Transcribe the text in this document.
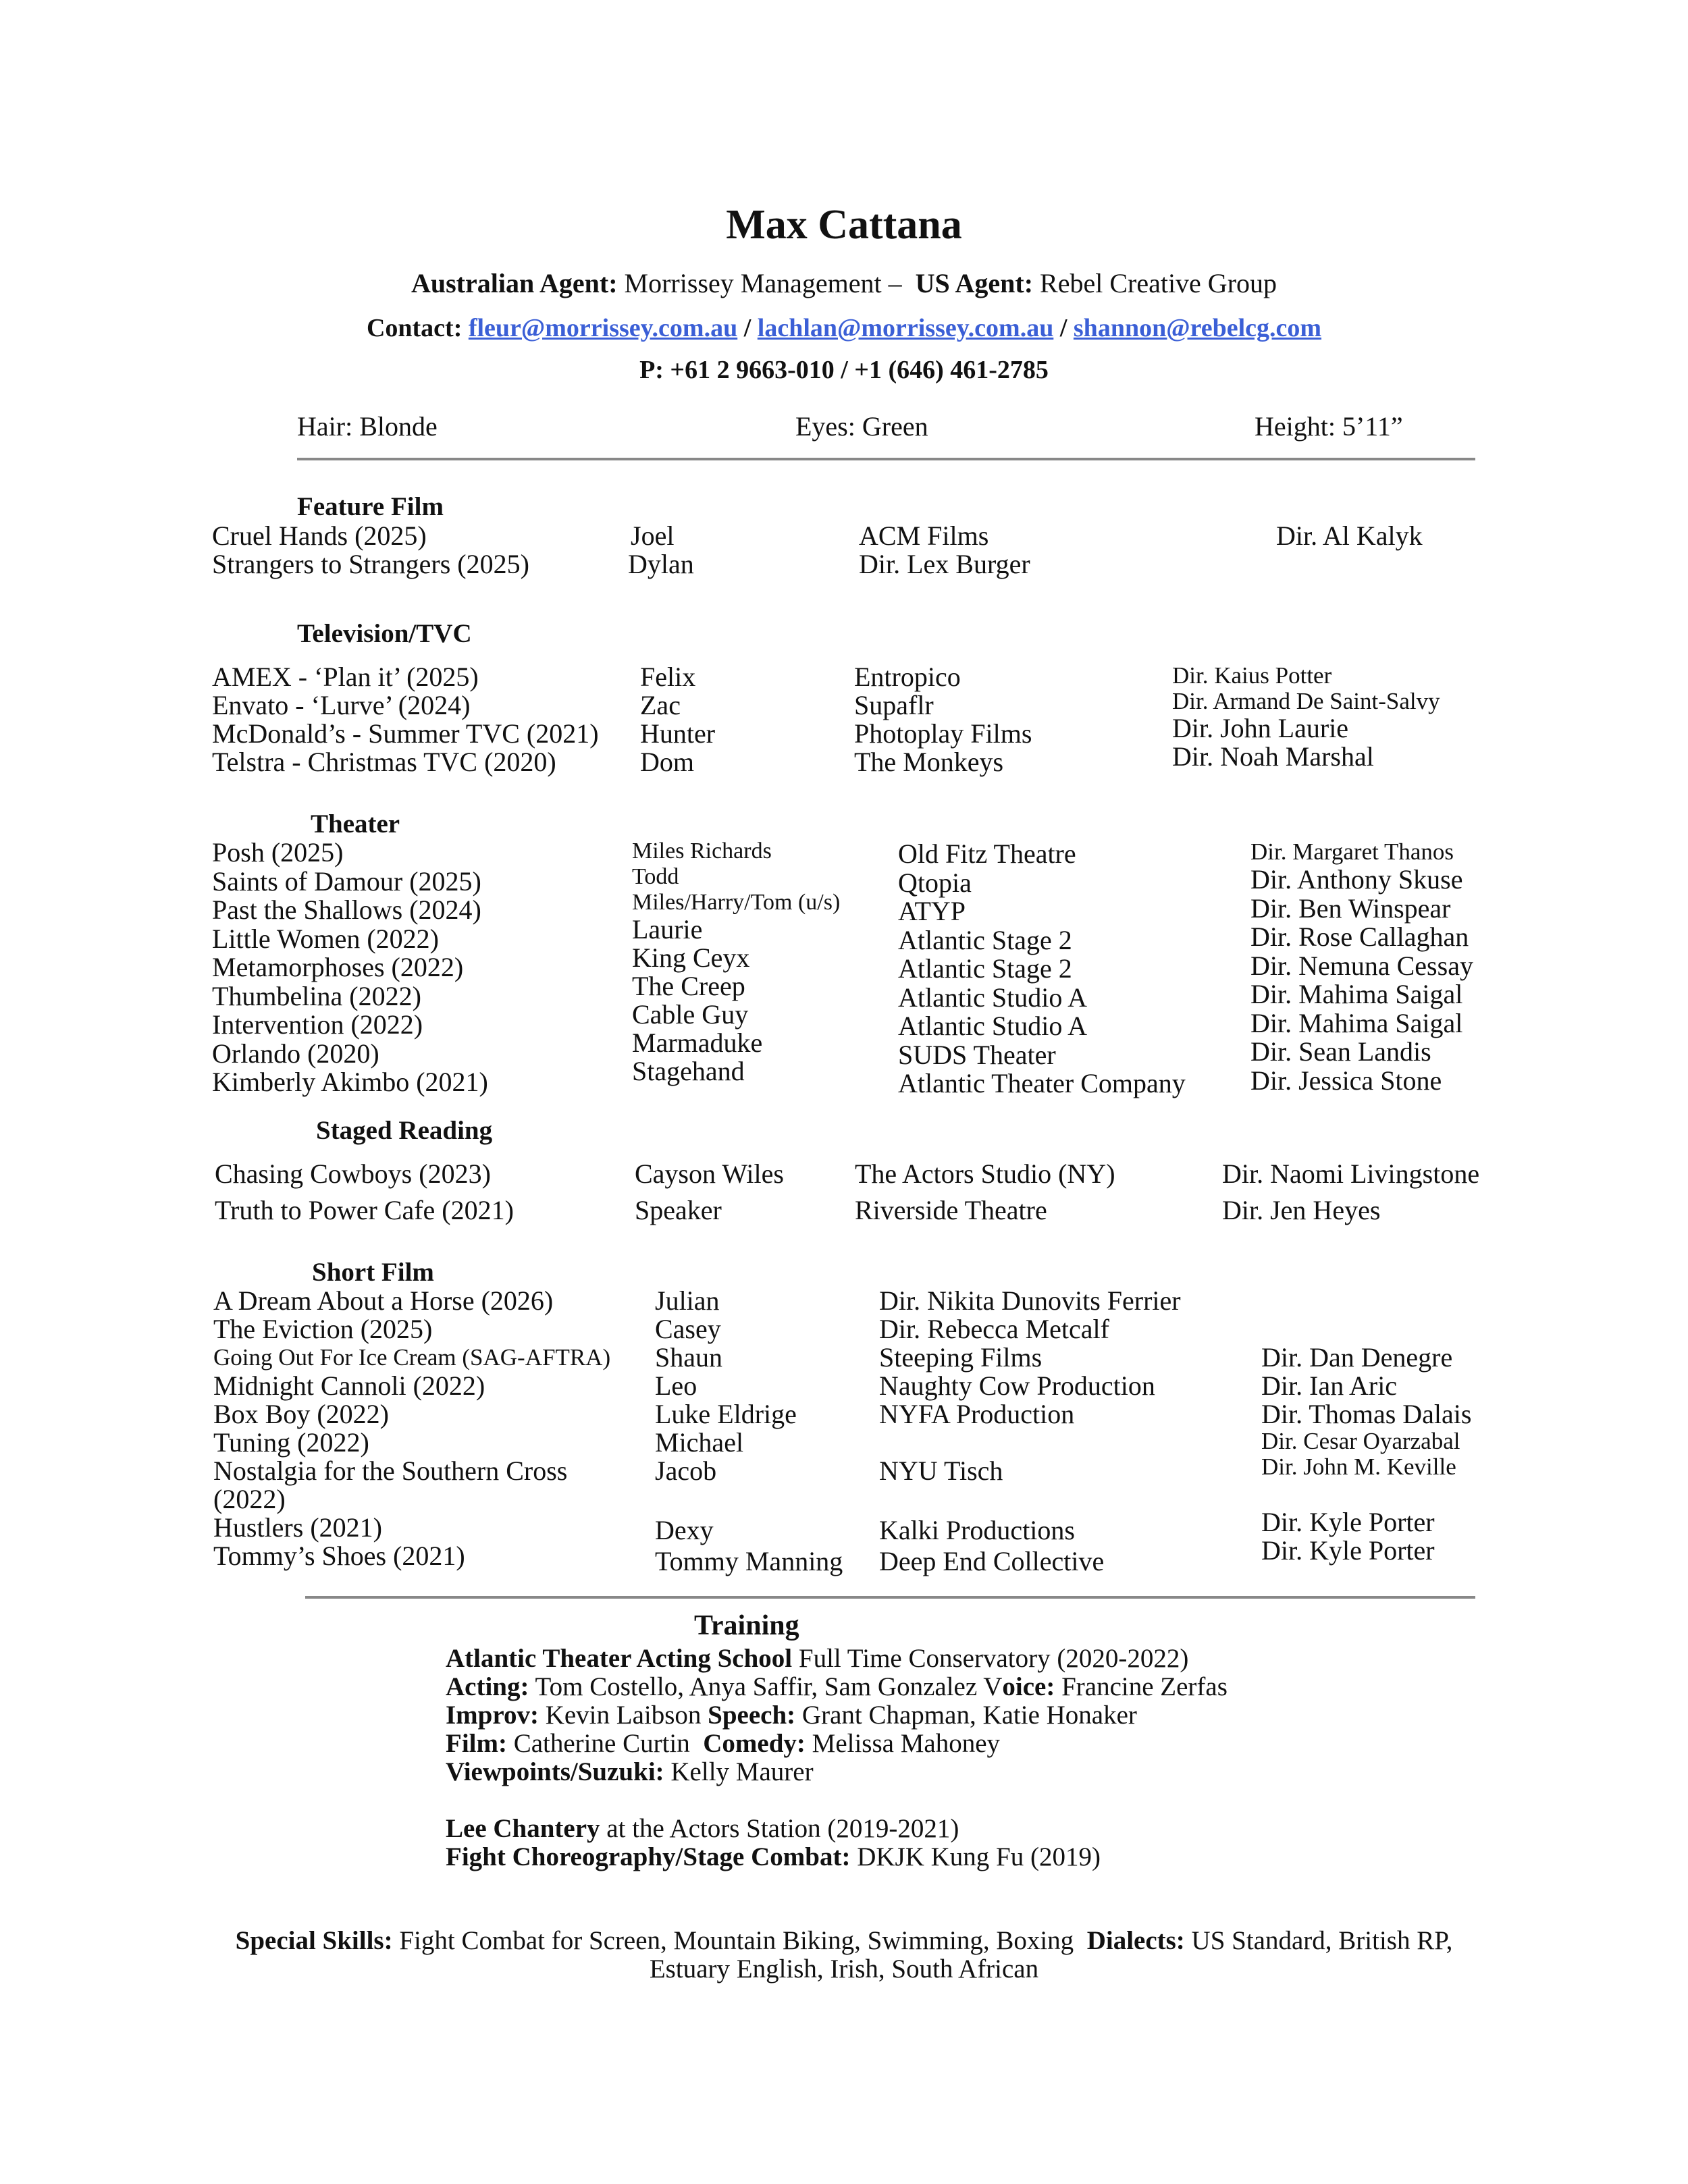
Max Cattana
Australian Agent: Morrissey Management – US Agent: Rebel Creative Group
Contact: fleur@morrissey.com.au / lachlan@morrissey.com.au / shannon@rebelcg.com
P: +61 2 9663-010 / +1 (646) 461-2785
Hair: Blonde	Eyes: Green	Height: 5’11”
Feature Film
Cruel Hands (2025)
Strangers to Strangers (2025)
Joel
Dylan
ACM Films
Dir. Lex Burger
Dir. Al Kalyk
Television/TVC
AMEX - ‘Plan it’ (2025)
Envato - ‘Lurve’ (2024)
McDonald’s - Summer TVC (2021)
Telstra - Christmas TVC (2020)
Felix
Zac
Hunter
Dom
Entropico
Supaflr
Photoplay Films
The Monkeys
Dir. Kaius Potter
Dir. Armand De Saint-Salvy
Dir. John Laurie
Dir. Noah Marshal
Theater
Posh (2025)
Saints of Damour (2025)
Past the Shallows (2024)
Little Women (2022)
Metamorphoses (2022)
Thumbelina (2022)
Intervention (2022)
Orlando (2020)
Kimberly Akimbo (2021)
Miles Richards
Todd
Miles/Harry/Tom (u/s)
Laurie
King Ceyx
The Creep
Cable Guy
Marmaduke
Stagehand
Old Fitz Theatre
Qtopia
ATYP
Atlantic Stage 2
Atlantic Stage 2
Atlantic Studio A
Atlantic Studio A
SUDS Theater
Atlantic Theater Company
Dir. Margaret Thanos
Dir. Anthony Skuse
Dir. Ben Winspear
Dir. Rose Callaghan
Dir. Nemuna Cessay
Dir. Mahima Saigal
Dir. Mahima Saigal
Dir. Sean Landis
Dir. Jessica Stone
Staged Reading
Chasing Cowboys (2023)
Truth to Power Cafe (2021)
Cayson Wiles
Speaker
The Actors Studio (NY)
Riverside Theatre
Dir. Naomi Livingstone
Dir. Jen Heyes
Short Film
A Dream About a Horse (2026)
The Eviction (2025)
Going Out For Ice Cream (SAG-AFTRA)
Midnight Cannoli (2022)
Box Boy (2022)
Tuning (2022)
Nostalgia for the Southern Cross
(2022)
Hustlers (2021)
Tommy’s Shoes (2021)
Julian
Casey
Shaun
Leo
Luke Eldrige
Michael
Jacob
Dexy
Tommy Manning
Dir. Nikita Dunovits Ferrier
Dir. Rebecca Metcalf
Steeping Films
Naughty Cow Production
NYFA Production
NYU Tisch
Kalki Productions
Deep End Collective
Dir. Dan Denegre
Dir. Ian Aric
Dir. Thomas Dalais
Dir. Cesar Oyarzabal
Dir. John M. Keville
Dir. Kyle Porter
Dir. Kyle Porter
Training
Atlantic Theater Acting School Full Time Conservatory (2020-2022)
Acting: Tom Costello, Anya Saffir, Sam Gonzalez Voice: Francine Zerfas
Improv: Kevin Laibson Speech: Grant Chapman, Katie Honaker
Film: Catherine Curtin  Comedy: Melissa Mahoney
Viewpoints/Suzuki: Kelly Maurer
Lee Chantery at the Actors Station (2019-2021)
Fight Choreography/Stage Combat: DKJK Kung Fu (2019)
Special Skills: Fight Combat for Screen, Mountain Biking, Swimming, Boxing  Dialects: US Standard, British RP,
Estuary English, Irish, South African
